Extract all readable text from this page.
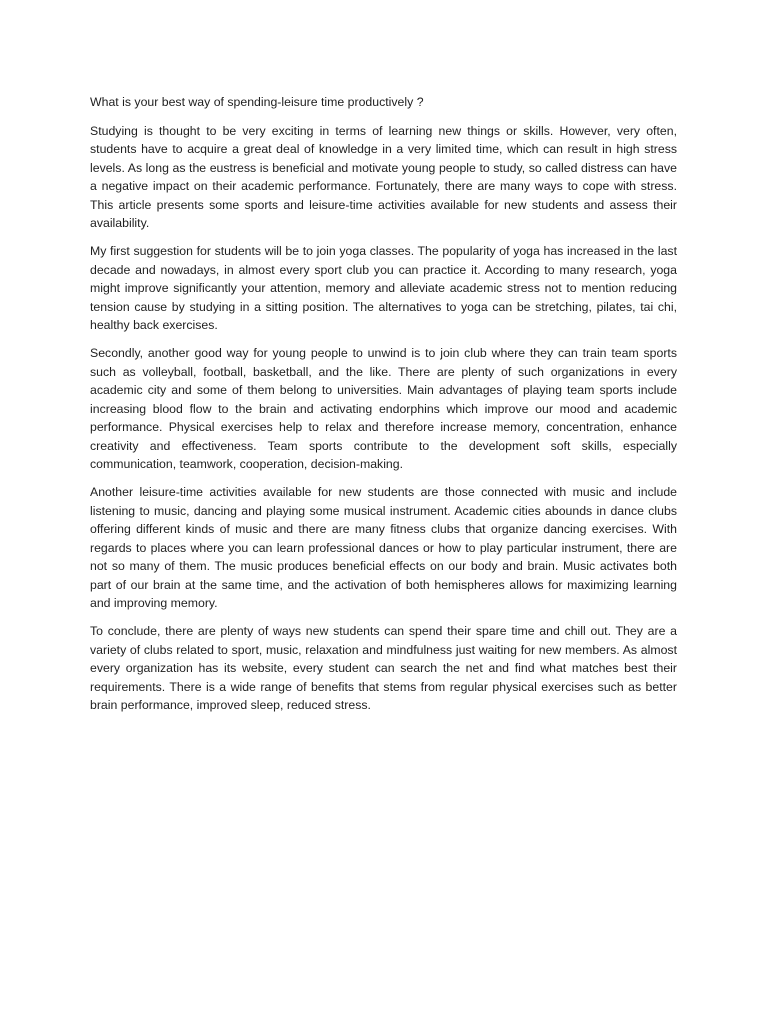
What is your best way of spending-leisure time productively ?

Studying is thought to be very exciting in terms of learning new things or skills. However, very often, students have to acquire a great deal of knowledge in a very limited time, which can result in high stress levels. As long as the eustress is beneficial and motivate young people to study, so called distress can have a negative impact on their academic performance. Fortunately, there are many ways to cope with stress. This article presents some sports and leisure-time activities available for new students and assess their availability.

My first suggestion for students will be to join yoga classes. The popularity of yoga has increased in the last decade and nowadays, in almost every sport club you can practice it. According to many research, yoga might improve significantly your attention, memory and alleviate academic stress not to mention reducing tension cause by studying in a sitting position. The alternatives to yoga can be stretching, pilates, tai chi, healthy back exercises.

Secondly, another good way for young people to unwind is to join club where they can train team sports such as volleyball, football, basketball, and the like. There are plenty of such organizations in every academic city and some of them belong to universities. Main advantages of playing team sports include increasing blood flow to the brain and activating endorphins which improve our mood and academic performance. Physical exercises help to relax and therefore increase memory, concentration, enhance creativity and effectiveness. Team sports contribute to the development soft skills, especially communication, teamwork, cooperation, decision-making.

Another leisure-time activities available for new students are those connected with music and include listening to music, dancing and playing some musical instrument. Academic cities abounds in dance clubs offering different kinds of music and there are many fitness clubs that organize dancing exercises. With regards to places where you can learn professional dances or how to play particular instrument, there are not so many of them. The music produces beneficial effects on our body and brain. Music activates both part of our brain at the same time, and the activation of both hemispheres allows for maximizing learning and improving memory.

To conclude, there are plenty of ways new students can spend their spare time and chill out. They are a variety of clubs related to sport, music, relaxation and mindfulness just waiting for new members. As almost every organization has its website, every student can search the net and find what matches best their requirements. There is a wide range of benefits that stems from regular physical exercises such as better brain performance, improved sleep, reduced stress.
